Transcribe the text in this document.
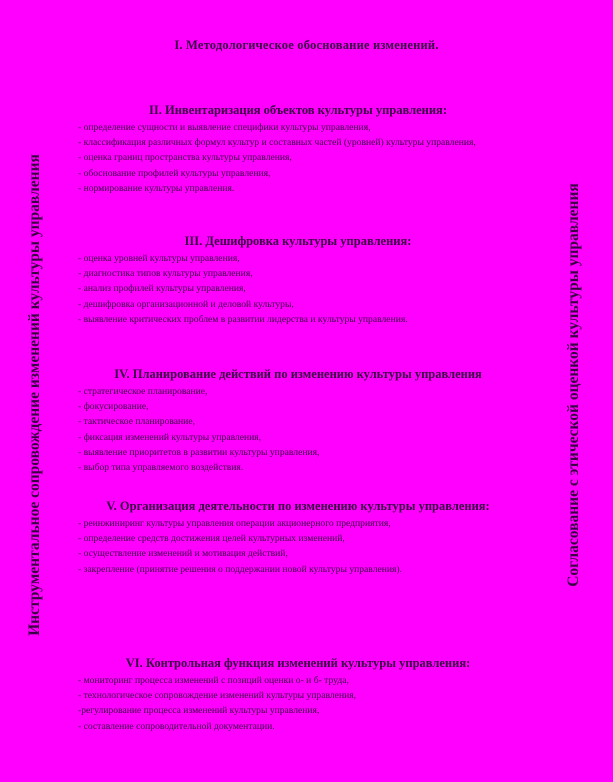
I. Методологическое обоснование изменений.
Инструментальное сопровождение изменений культуры управления	Согласование с этической оценкой культуры управления
II. Инвентаризация объектов культуры управления:
- определение сущности и выявление специфики культуры управления,
- классификация различных формул культур и составных частей (уровней) культуры управления,
- оценка границ пространства культуры управления,
- обоснование профилей культуры управления,
- нормирование культуры управления.
III. Дешифровка культуры управления:
- оценка уровней культуры управления,
- диагностика типов культуры управления,
- анализ профилей культуры управления,
- дешифровка организационной и деловой культуры,
- выявление критических проблем в развитии лидерства и культуры управления.
IV. Планирование действий по изменению культуры управления
- стратегическое планирование,
- фокусирование,
- тактическое планирование,
- фиксация изменений культуры управления,
- выявление приоритетов в развитии культуры управления,
- выбор типа управляемого воздействия.
V. Организация деятельности по изменению культуры управления:
- реинжиниринг культуры управления операции акционерного предприятия,
- определение средств достижения целей культурных изменений,
- осуществление изменений и мотивация действий,
- закрепление (принятие решения о поддержании новой культуры управления).
VI. Контрольная функция изменений культуры управления:
- мониторинг процесса изменений с позиций оценки о- и б- труда,
- технологическое сопровождение изменений культуры управления,
-регулирование процесса изменений культуры управления,
- составление сопроводительной документации.
